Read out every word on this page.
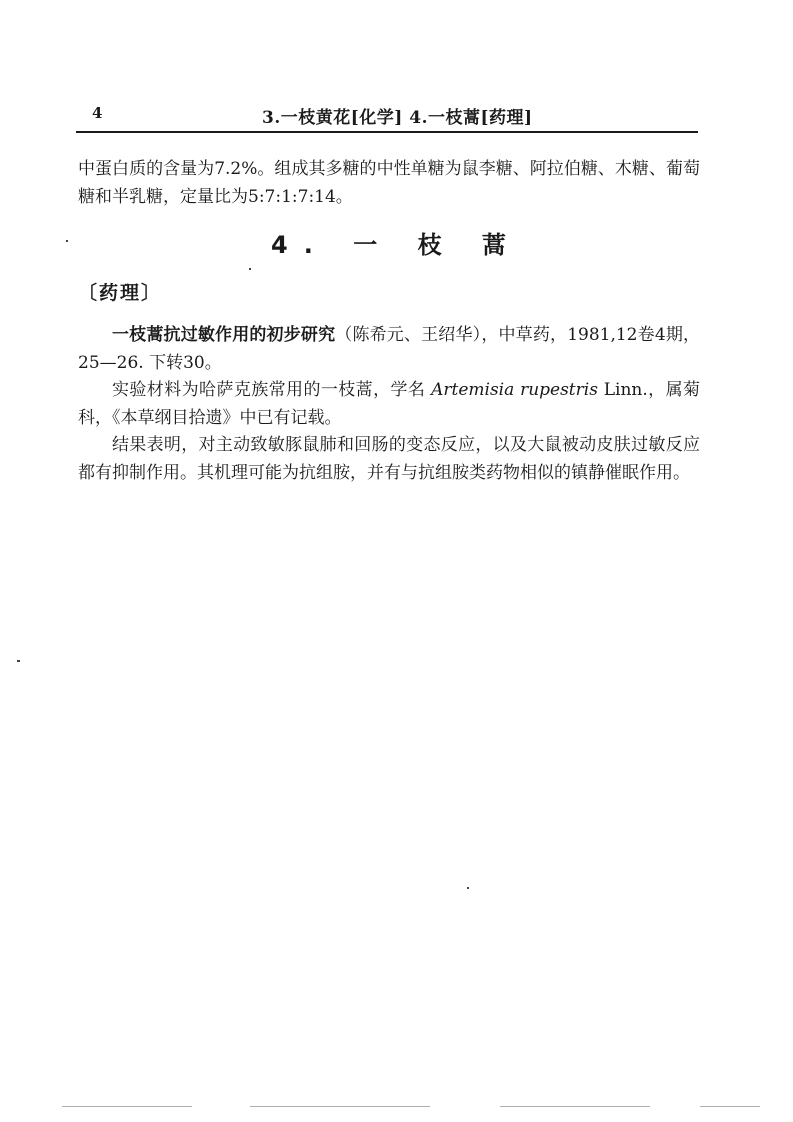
4	3.一枝黄花[化学] 4.一枝蒿[药理]

中蛋白质的含量为7.2%。组成其多糖的中性单糖为鼠李糖、阿拉伯糖、木糖、葡萄糖和半乳糖，定量比为5:7:1:7:14。

4. 一 枝 蒿
〔药理〕

一枝蒿抗过敏作用的初步研究（陈希元、王绍华），中草药，1981,12卷4期，25—26. 下转30。

实验材料为哈萨克族常用的一枝蒿，学名 Artemisia rupestris Linn.，属菊科，《本草纲目拾遗》中已有记载。

结果表明，对主动致敏豚鼠肺和回肠的变态反应，以及大鼠被动皮肤过敏反应都有抑制作用。其机理可能为抗组胺，并有与抗组胺类药物相似的镇静催眠作用。
